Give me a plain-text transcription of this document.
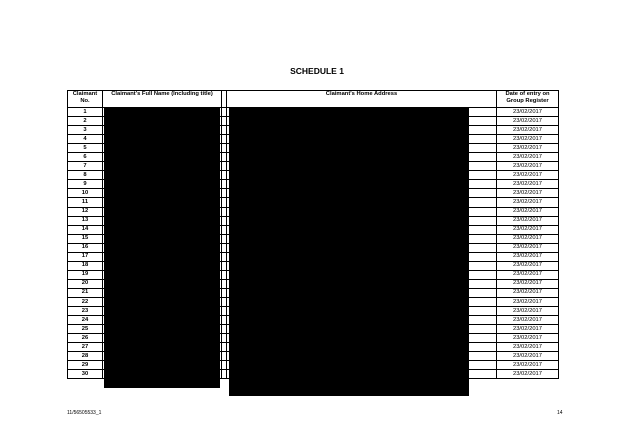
SCHEDULE 1
Claimant No.	Claimant's Full Name (Including title)		Claimant's Home Address	Date of entry on Group Register
1				23/02/2017
2				23/02/2017
3				23/02/2017
4				23/02/2017
5				23/02/2017
6				23/02/2017
7				23/02/2017
8				23/02/2017
9				23/02/2017
10				23/02/2017
11				23/02/2017
12				23/02/2017
13				23/02/2017
14				23/02/2017
15				23/02/2017
16				23/02/2017
17				23/02/2017
18				23/02/2017
19				23/02/2017
20				23/02/2017
21				23/02/2017
22				23/02/2017
23				23/02/2017
24				23/02/2017
25				23/02/2017
26				23/02/2017
27				23/02/2017
28				23/02/2017
29				23/02/2017
30				23/02/2017
11/56505533_1	14
